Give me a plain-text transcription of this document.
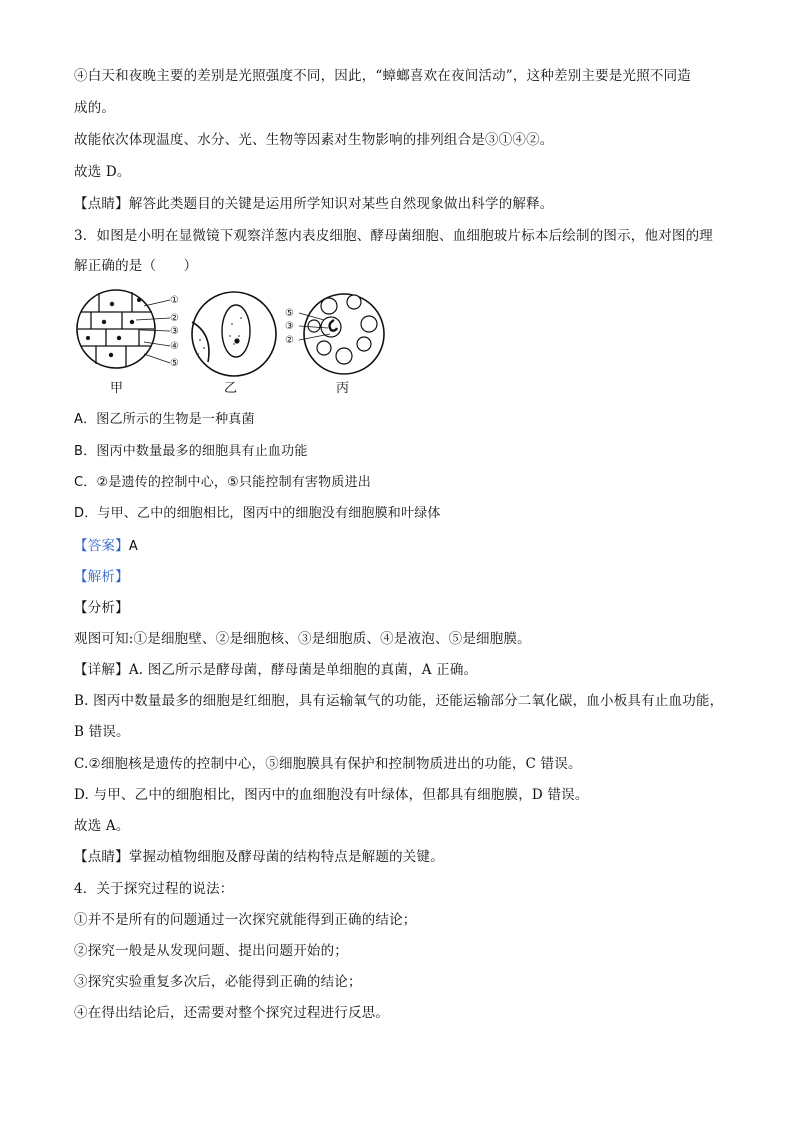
④白天和夜晚主要的差别是光照强度不同，因此，“蟑螂喜欢在夜间活动”，这种差别主要是光照不同造
成的。
故能依次体现温度、水分、光、生物等因素对生物影响的排列组合是③①④②。
故选 D。
【点睛】解答此类题目的关键是运用所学知识对某些自然现象做出科学的解释。
3．如图是小明在显微镜下观察洋葱内表皮细胞、酵母菌细胞、血细胞玻片标本后绘制的图示，他对图的理
解正确的是（　　）
①
②
③
④
⑤
甲	乙
⑤
③
②
丙
A．图乙所示的生物是一种真菌
B．图丙中数量最多的细胞具有止血功能
C．②是遗传的控制中心，⑤只能控制有害物质进出
D．与甲、乙中的细胞相比，图丙中的细胞没有细胞膜和叶绿体
【答案】A
【解析】
【分析】
观图可知:①是细胞壁、②是细胞核、③是细胞质、④是液泡、⑤是细胞膜。
【详解】A. 图乙所示是酵母菌，酵母菌是单细胞的真菌，A 正确。
B. 图丙中数量最多的细胞是红细胞，具有运输氧气的功能，还能运输部分二氧化碳，血小板具有止血功能，
B 错误。
C.②细胞核是遗传的控制中心，⑤细胞膜具有保护和控制物质进出的功能，C 错误。
D. 与甲、乙中的细胞相比，图丙中的血细胞没有叶绿体，但都具有细胞膜，D 错误。
故选 A。
【点睛】掌握动植物细胞及酵母菌的结构特点是解题的关键。
4．关于探究过程的说法：
①并不是所有的问题通过一次探究就能得到正确的结论；
②探究一般是从发现问题、提出问题开始的；
③探究实验重复多次后，必能得到正确的结论；
④在得出结论后，还需要对整个探究过程进行反思。
